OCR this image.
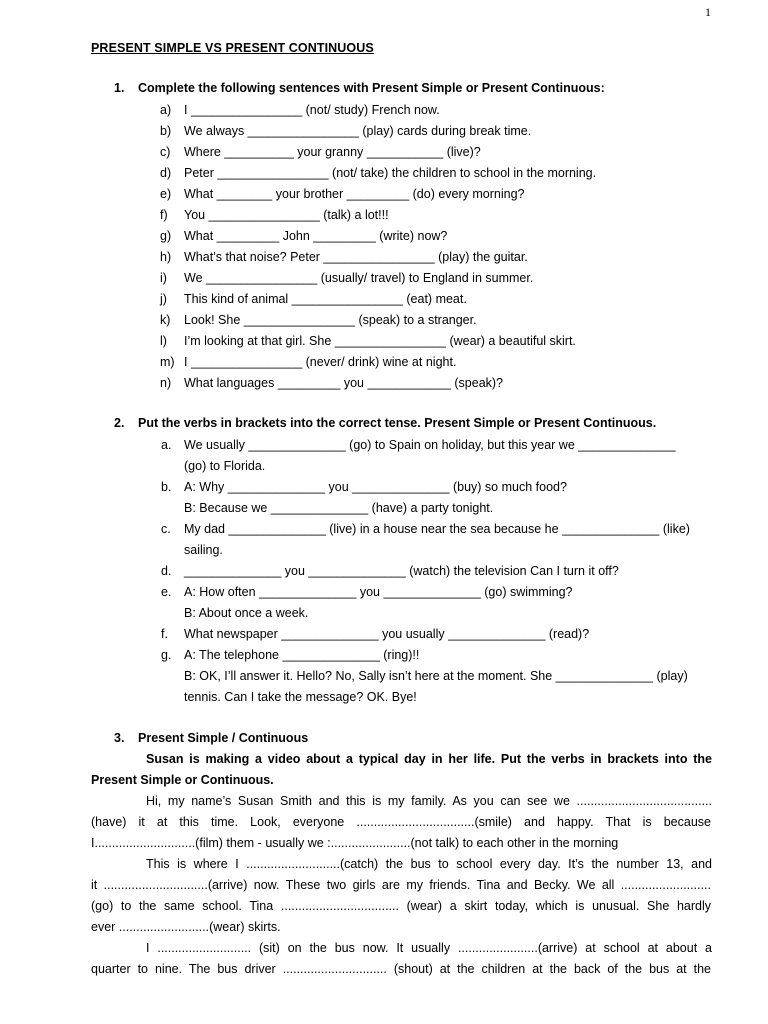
1
PRESENT SIMPLE VS PRESENT CONTINUOUS
1. Complete the following sentences with Present Simple or Present Continuous:
a) I ________________ (not/ study) French now.
b) We always ________________ (play) cards during break time.
c) Where __________ your granny ___________ (live)?
d) Peter ________________ (not/ take) the children to school in the morning.
e) What ________ your brother _________ (do) every morning?
f) You ________________ (talk) a lot!!!
g) What _________ John _________ (write) now?
h) What’s that noise? Peter ________________ (play) the guitar.
i) We ________________ (usually/ travel) to England in summer.
j) This kind of animal ________________ (eat) meat.
k) Look! She ________________ (speak) to a stranger.
l) I’m looking at that girl. She ________________ (wear) a beautiful skirt.
m) I ________________ (never/ drink) wine at night.
n) What languages _________ you ____________ (speak)?
2. Put the verbs in brackets into the correct tense. Present Simple or Present Continuous.
a. We usually ______________ (go) to Spain on holiday, but this year we ______________
(go) to Florida.
b. A: Why ______________ you ______________ (buy) so much food?
B: Because we ______________ (have) a party tonight.
c. My dad ______________ (live) in a house near the sea because he ______________ (like)
sailing.
d. ______________ you ______________ (watch) the television Can I turn it off?
e. A: How often ______________ you ______________ (go) swimming?
B: About once a week.
f. What newspaper ______________ you usually ______________ (read)?
g. A: The telephone ______________ (ring)!!
B: OK, I’ll answer it. Hello? No, Sally isn’t here at the moment. She ______________ (play)
tennis. Can I take the message? OK. Bye!
3. Present Simple / Continuous
Susan is making a video about a typical day in her life. Put the verbs in brackets into the
Present Simple or Continuous.
Hi, my name’s Susan Smith and this is my family. As you can see we .......................................
(have) it at this time. Look, everyone ..................................(smile) and happy. That is because
I.............................(film) them - usually we :.......................(not talk) to each other in the morning
This is where I ...........................(catch) the bus to school every day. It’s the number 13, and
it ..............................(arrive) now. These two girls are my friends. Tina and Becky. We all ..........................
(go) to the same school. Tina .................................. (wear) a skirt today, which is unusual. She hardly
ever ..........................(wear) skirts.
I ........................... (sit) on the bus now. It usually .......................(arrive) at school at about a
quarter to nine. The bus driver .............................. (shout) at the children at the back of the bus at the
